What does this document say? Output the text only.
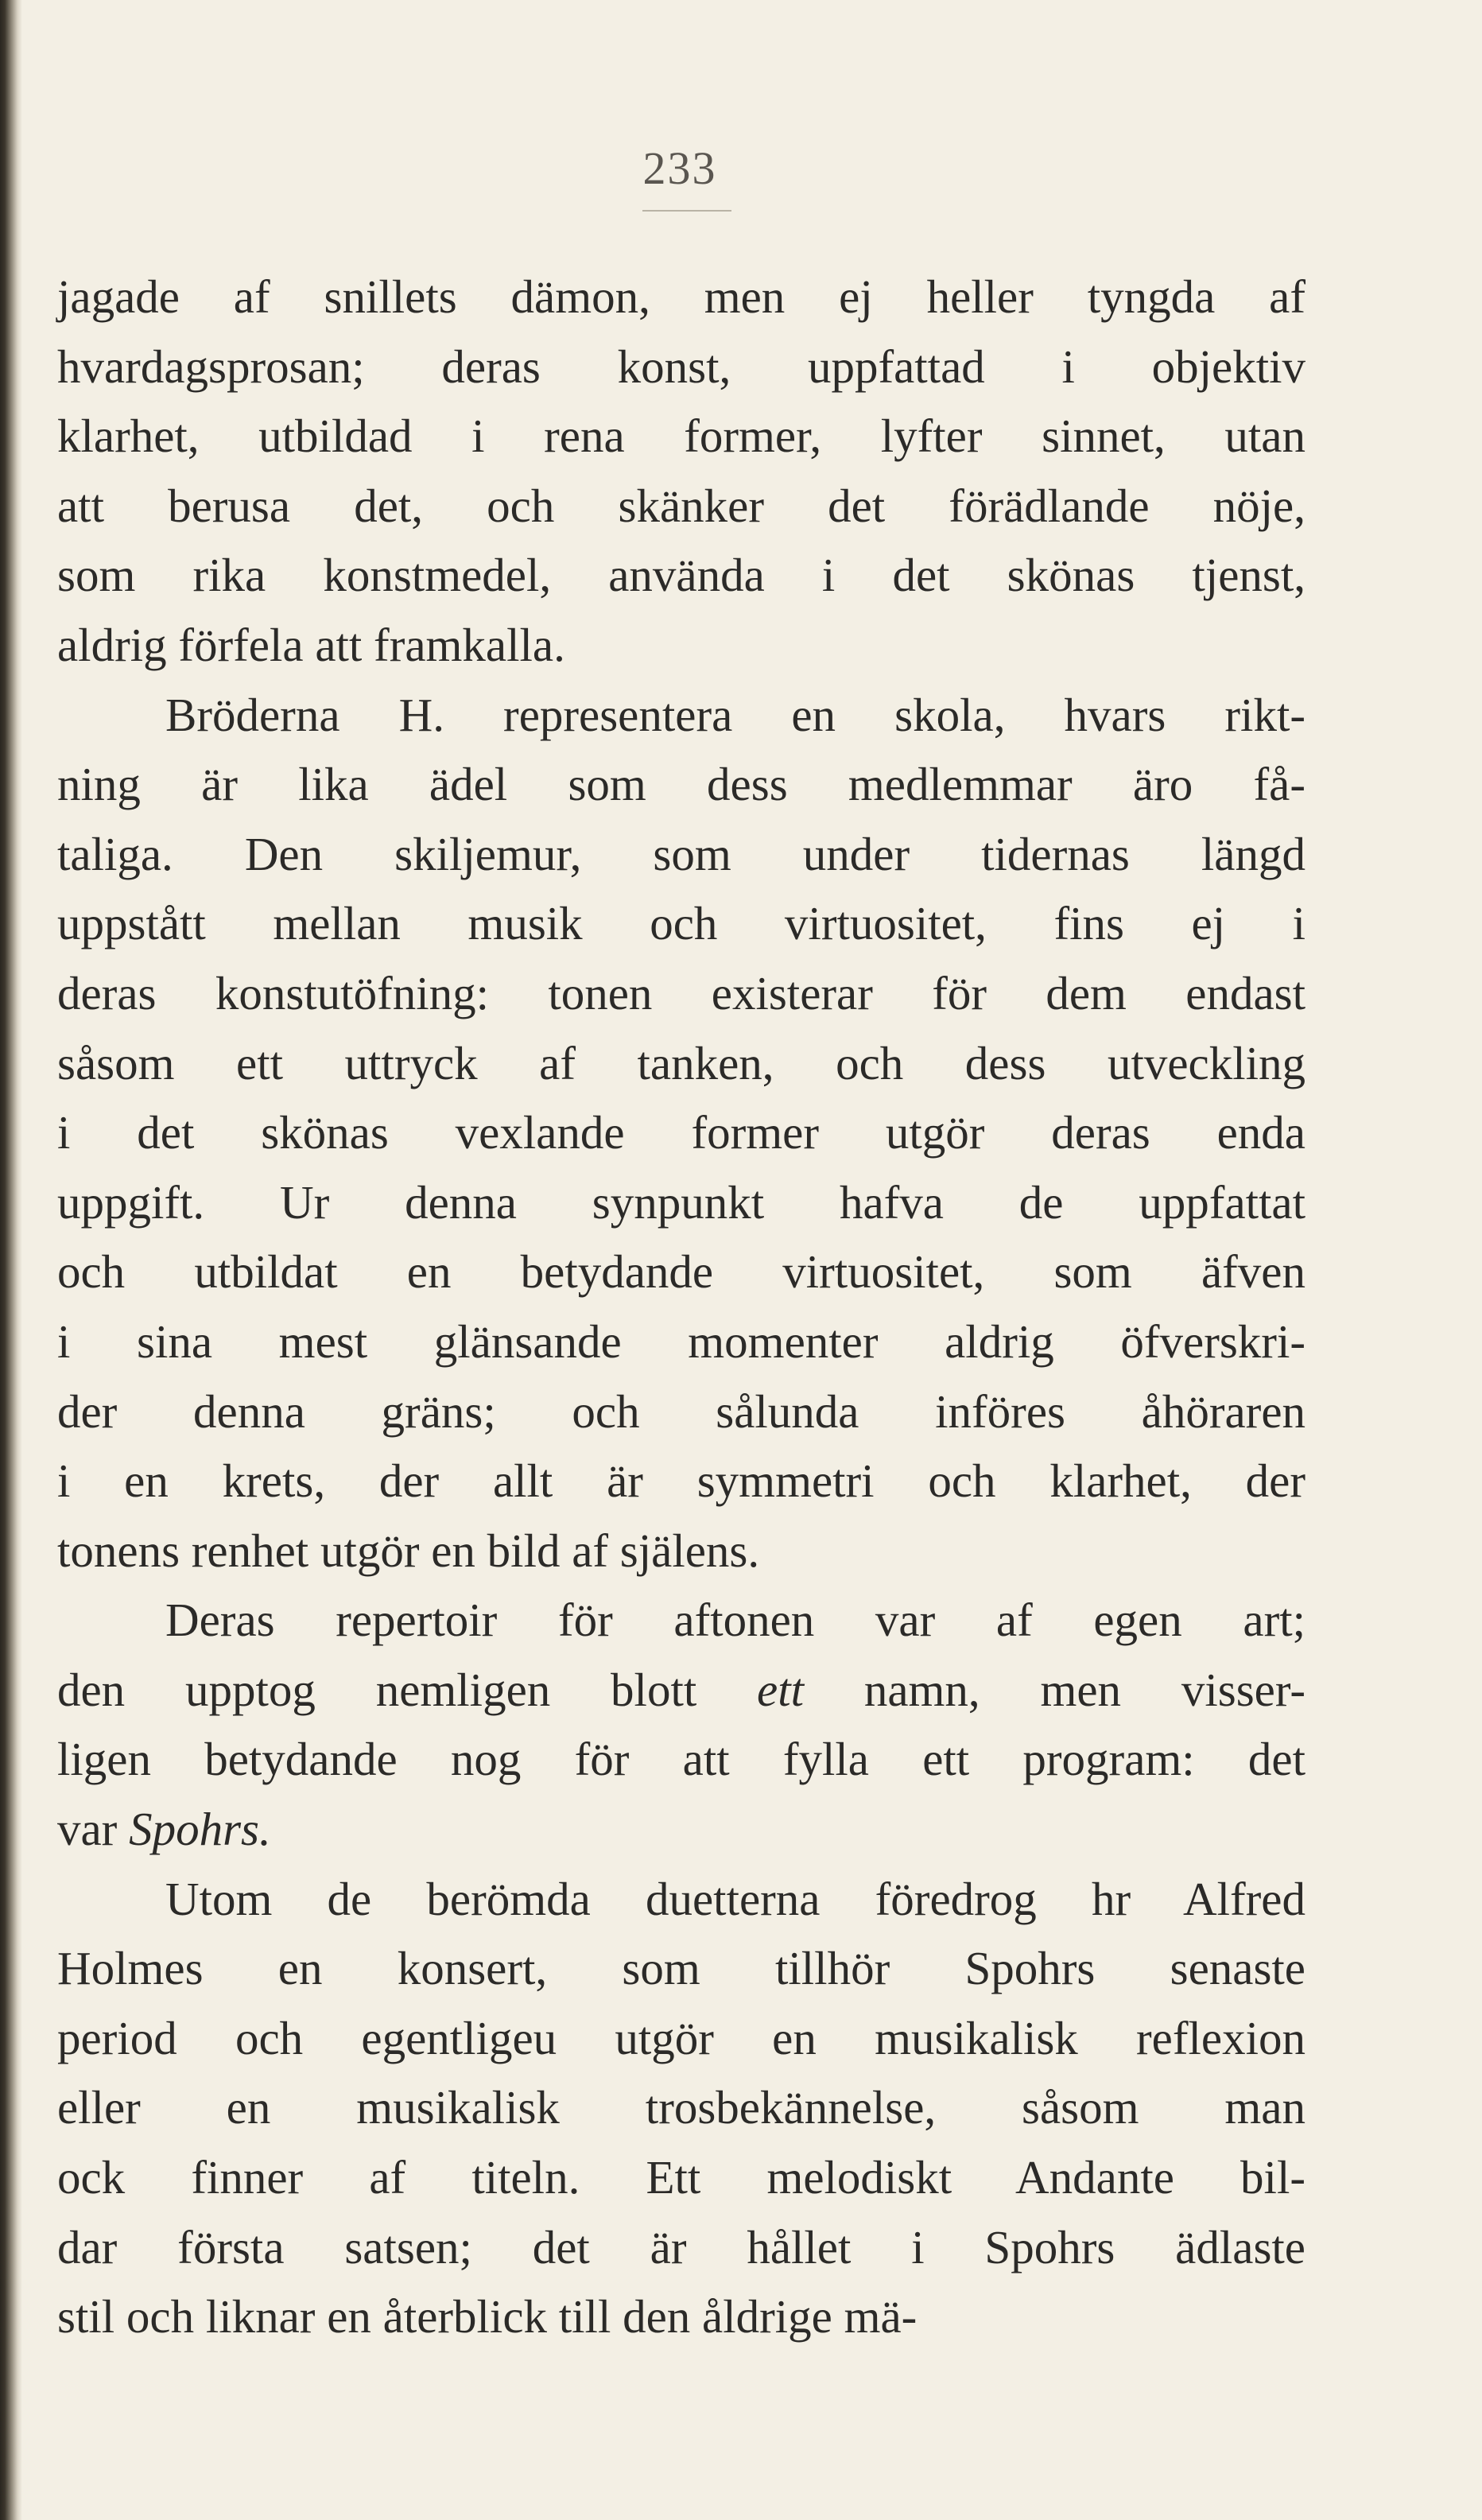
233
jagade af snillets dämon, men ej heller tyngda af
hvardagsprosan; deras konst, uppfattad i objektiv
klarhet, utbildad i rena former, lyfter sinnet, utan
att berusa det, och skänker det förädlande nöje,
som rika konstmedel, använda i det skönas tjenst,
aldrig förfela att framkalla.
Bröderna H. representera en skola, hvars rikt-
ning är lika ädel som dess medlemmar äro få-
taliga. Den skiljemur, som under tidernas längd
uppstått mellan musik och virtuositet, fins ej i
deras konstutöfning: tonen existerar för dem endast
såsom ett uttryck af tanken, och dess utveckling
i det skönas vexlande former utgör deras enda
uppgift. Ur denna synpunkt hafva de uppfattat
och utbildat en betydande virtuositet, som äfven
i sina mest glänsande momenter aldrig öfverskri-
der denna gräns; och sålunda införes åhöraren
i en krets, der allt är symmetri och klarhet, der
tonens renhet utgör en bild af själens.
Deras repertoir för aftonen var af egen art;
den upptog nemligen blott ett namn, men visser-
ligen betydande nog för att fylla ett program: det
var Spohrs.
Utom de berömda duetterna föredrog hr Alfred
Holmes en konsert, som tillhör Spohrs senaste
period och egentligeu utgör en musikalisk reflexion
eller en musikalisk trosbekännelse, såsom man
ock finner af titeln. Ett melodiskt Andante bil-
dar första satsen; det är hållet i Spohrs ädlaste
stil och liknar en återblick till den åldrige mä-
